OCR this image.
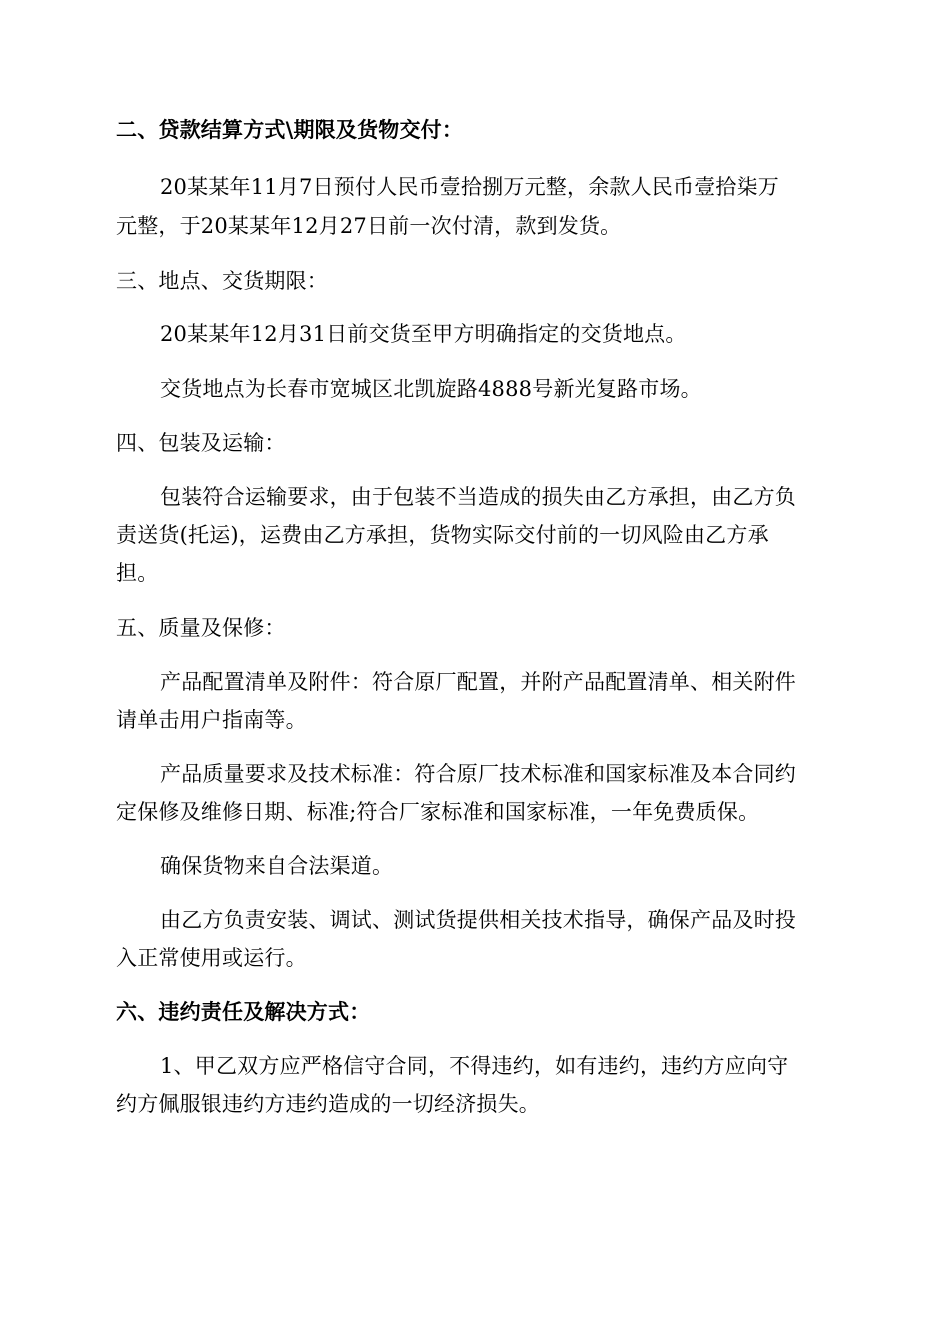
二、贷款结算方式\期限及货物交付：
20某某年11月7日预付人民币壹拾捌万元整，余款人民币壹拾柒万
元整，于20某某年12月27日前一次付清，款到发货。
三、地点、交货期限：
20某某年12月31日前交货至甲方明确指定的交货地点。
交货地点为长春市宽城区北凯旋路4888号新光复路市场。
四、包装及运输：
包装符合运输要求，由于包装不当造成的损失由乙方承担，由乙方负
责送货(托运)，运费由乙方承担，货物实际交付前的一切风险由乙方承
担。
五、质量及保修：
产品配置清单及附件：符合原厂配置，并附产品配置清单、相关附件
请单击用户指南等。
产品质量要求及技术标准：符合原厂技术标准和国家标准及本合同约
定保修及维修日期、标准;符合厂家标准和国家标准，一年免费质保。
确保货物来自合法渠道。
由乙方负责安装、调试、测试货提供相关技术指导，确保产品及时投
入正常使用或运行。
六、违约责任及解决方式：
1、甲乙双方应严格信守合同，不得违约，如有违约，违约方应向守
约方佩服银违约方违约造成的一切经济损失。
